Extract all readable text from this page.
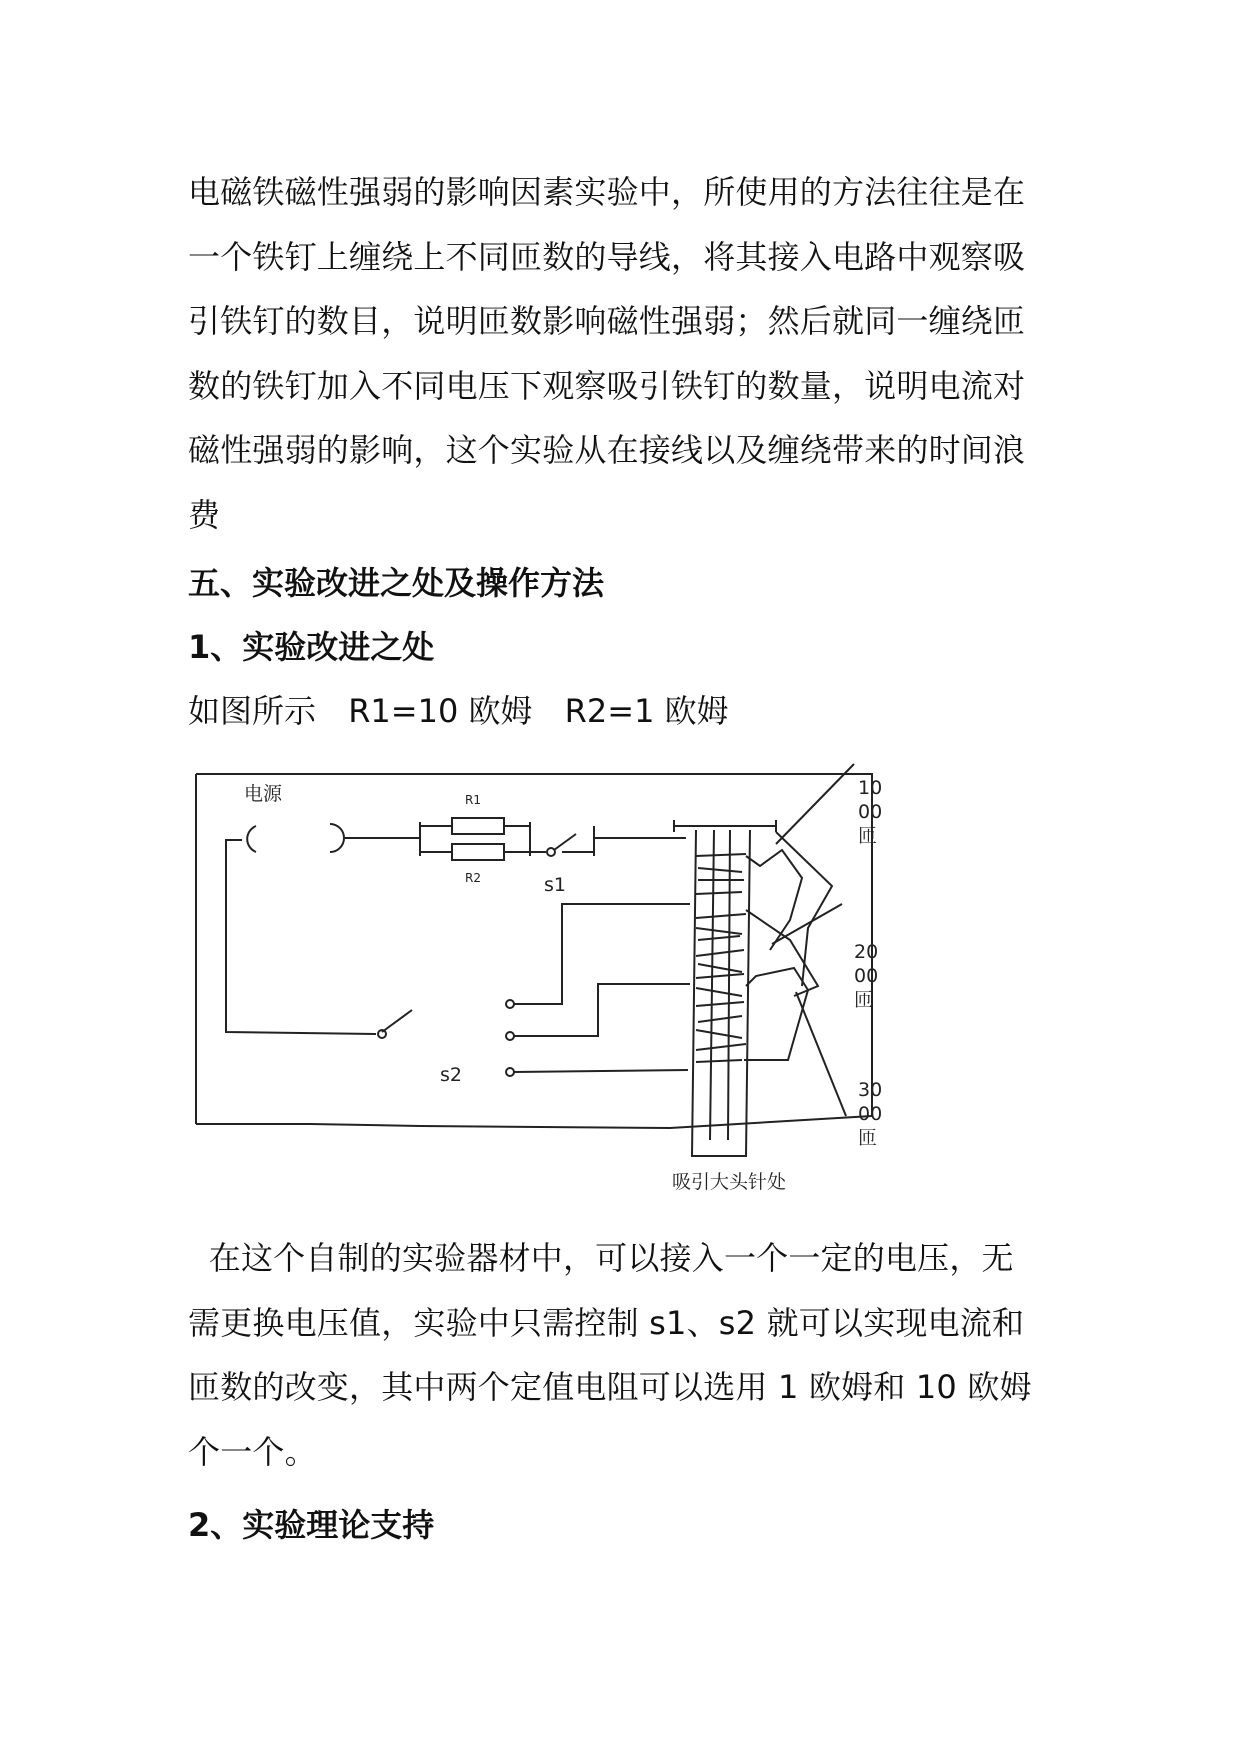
电磁铁磁性强弱的影响因素实验中，所使用的方法往往是在
一个铁钉上缠绕上不同匝数的导线，将其接入电路中观察吸
引铁钉的数目，说明匝数影响磁性强弱；然后就同一缠绕匝
数的铁钉加入不同电压下观察吸引铁钉的数量，说明电流对
磁性强弱的影响，这个实验从在接线以及缠绕带来的时间浪
费
五、实验改进之处及操作方法
1、实验改进之处
如图所示 R1=10 欧姆 R2=1 欧姆
电源	R1
R2	s1
s2
10
00
匝
20
00
匝
30
00
匝
吸引大头针处
在这个自制的实验器材中，可以接入一个一定的电压，无
需更换电压值，实验中只需控制 s1、s2 就可以实现电流和
匝数的改变，其中两个定值电阻可以选用 1 欧姆和 10 欧姆
个一个。
2、实验理论支持
